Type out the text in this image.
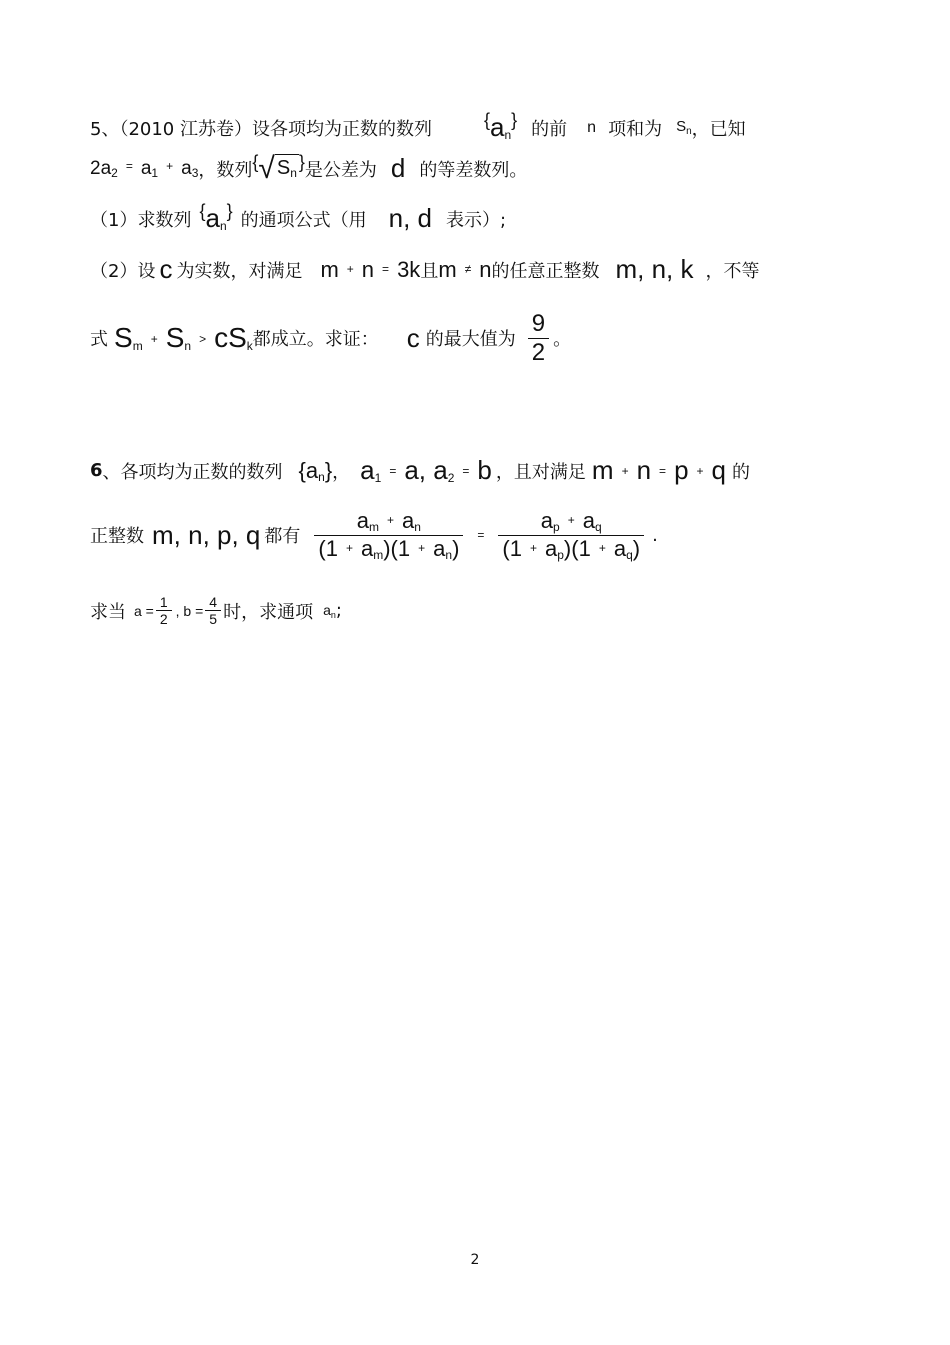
5、（2010 江苏卷）设各项均为正数的数列	$\{a_n\}$ 的前 n 项和为 $S_n$ ，已知
$2a_2$ = $a_1$ + $a_3$ ，数列 { √ $S_n$
} 是公差为 d 的等差数列。
（1）求数列 $\{a_n\}$ 的通项公式（用 n, d 表示）;
（2）设 c 为实数，对满足 m + n = 3k 且 m ≠ n 的任意正整数 m, n, k ，不等
式 $S_m + S_n > cS_k$ 都成立。求证： c 的最大值为 $\frac{9}{2}$ 。
6 、各项均为正数的数列 $\{a_n\}$ ， $a_1 = a$, $a_2 = b$ ，且对满足 m + n = p + q 的
正整数 m, n, p, q 都有 $\frac{a_m + a_n}{(1 + a_m)(1 + a_n)} = \frac{a_p + a_q}{(1 + a_p)(1 + a_q)}$ .
求当 $a = \frac{1}{2}$ , $b = \frac{4}{5}$ 时，求通项 $a_n$ ;
2
